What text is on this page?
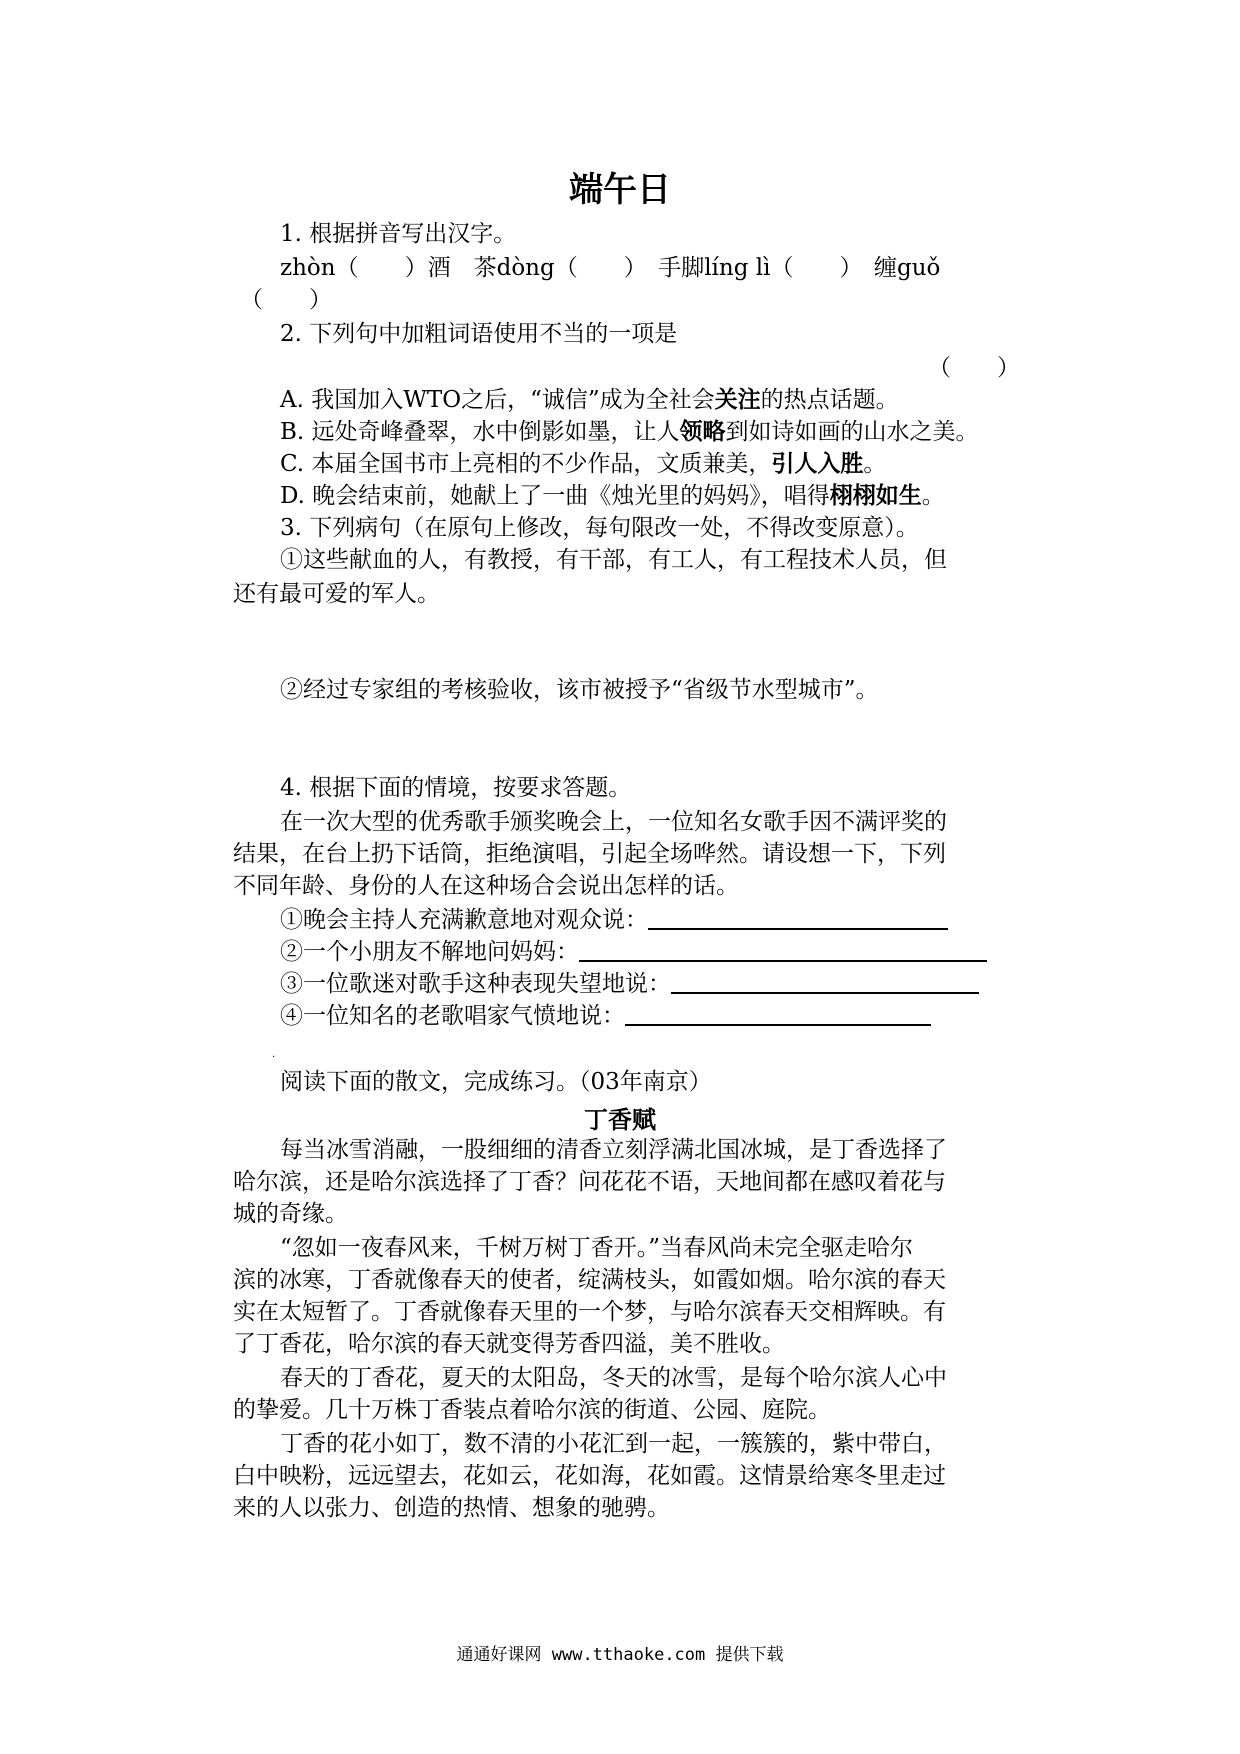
端午日
1. 根据拼音写出汉字。
zhòn（　　）酒　茶dòng（　　）　手脚líng lì（　　）　缠guǒ
（　　）
2. 下列句中加粗词语使用不当的一项是
（　　）
A. 我国加入WTO之后，“诚信”成为全社会关注的热点话题。
B. 远处奇峰叠翠，水中倒影如墨，让人领略到如诗如画的山水之美。
C. 本届全国书市上亮相的不少作品，文质兼美，引人入胜。
D. 晚会结束前，她献上了一曲《烛光里的妈妈》，唱得栩栩如生。
3. 下列病句（在原句上修改，每句限改一处，不得改变原意）。
①这些献血的人，有教授，有干部，有工人，有工程技术人员，但
还有最可爱的军人。
②经过专家组的考核验收，该市被授予“省级节水型城市”。
4. 根据下面的情境，按要求答题。
在一次大型的优秀歌手颁奖晚会上，一位知名女歌手因不满评奖的
结果，在台上扔下话筒，拒绝演唱，引起全场哗然。请设想一下，下列
不同年龄、身份的人在这种场合会说出怎样的话。
①晚会主持人充满歉意地对观众说：
②一个小朋友不解地问妈妈：
③一位歌迷对歌手这种表现失望地说：
④一位知名的老歌唱家气愤地说：
·
阅读下面的散文，完成练习。（03年南京）
丁香赋
每当冰雪消融，一股细细的清香立刻浮满北国冰城，是丁香选择了
哈尔滨，还是哈尔滨选择了丁香？问花花不语，天地间都在感叹着花与
城的奇缘。
“忽如一夜春风来，千树万树丁香开。”当春风尚未完全驱走哈尔
滨的冰寒，丁香就像春天的使者，绽满枝头，如霞如烟。哈尔滨的春天
实在太短暂了。丁香就像春天里的一个梦，与哈尔滨春天交相辉映。有
了丁香花，哈尔滨的春天就变得芳香四溢，美不胜收。
春天的丁香花，夏天的太阳岛，冬天的冰雪，是每个哈尔滨人心中
的挚爱。几十万株丁香装点着哈尔滨的街道、公园、庭院。
丁香的花小如丁，数不清的小花汇到一起，一簇簇的，紫中带白，
白中映粉，远远望去，花如云，花如海，花如霞。这情景给寒冬里走过
来的人以张力、创造的热情、想象的驰骋。
通通好课网 www.tthaoke.com 提供下载
